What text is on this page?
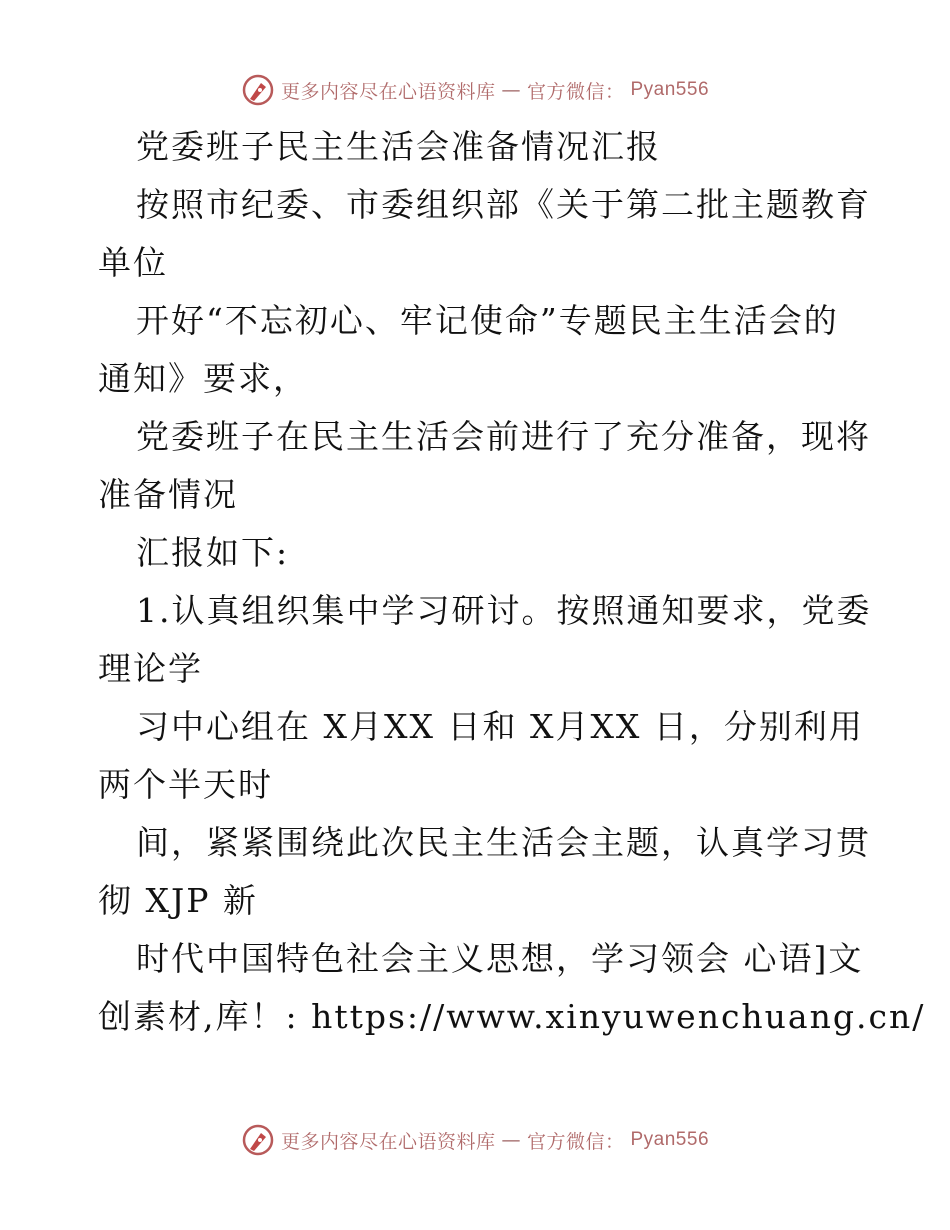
更多内容尽在心语资料库 — 官方微信： Pyan556
党委班子民主生活会准备情况汇报
按照市纪委、市委组织部《关于第二批主题教育
单位
开好“不忘初心、牢记使命”专题民主生活会的
通知》要求，
党委班子在民主生活会前进行了充分准备，现将
准备情况
汇报如下:
1.认真组织集中学习研讨。按照通知要求，党委
理论学
习中心组在 X月XX 日和 X月XX 日，分别利用
两个半天时
间，紧紧围绕此次民主生活会主题，认真学习贯
彻 XJP 新
时代中国特色社会主义思想，学习领会 心语]文
创素材,库！: https://www.xinyuwenchuang.cn/
更多内容尽在心语资料库 — 官方微信： Pyan556
